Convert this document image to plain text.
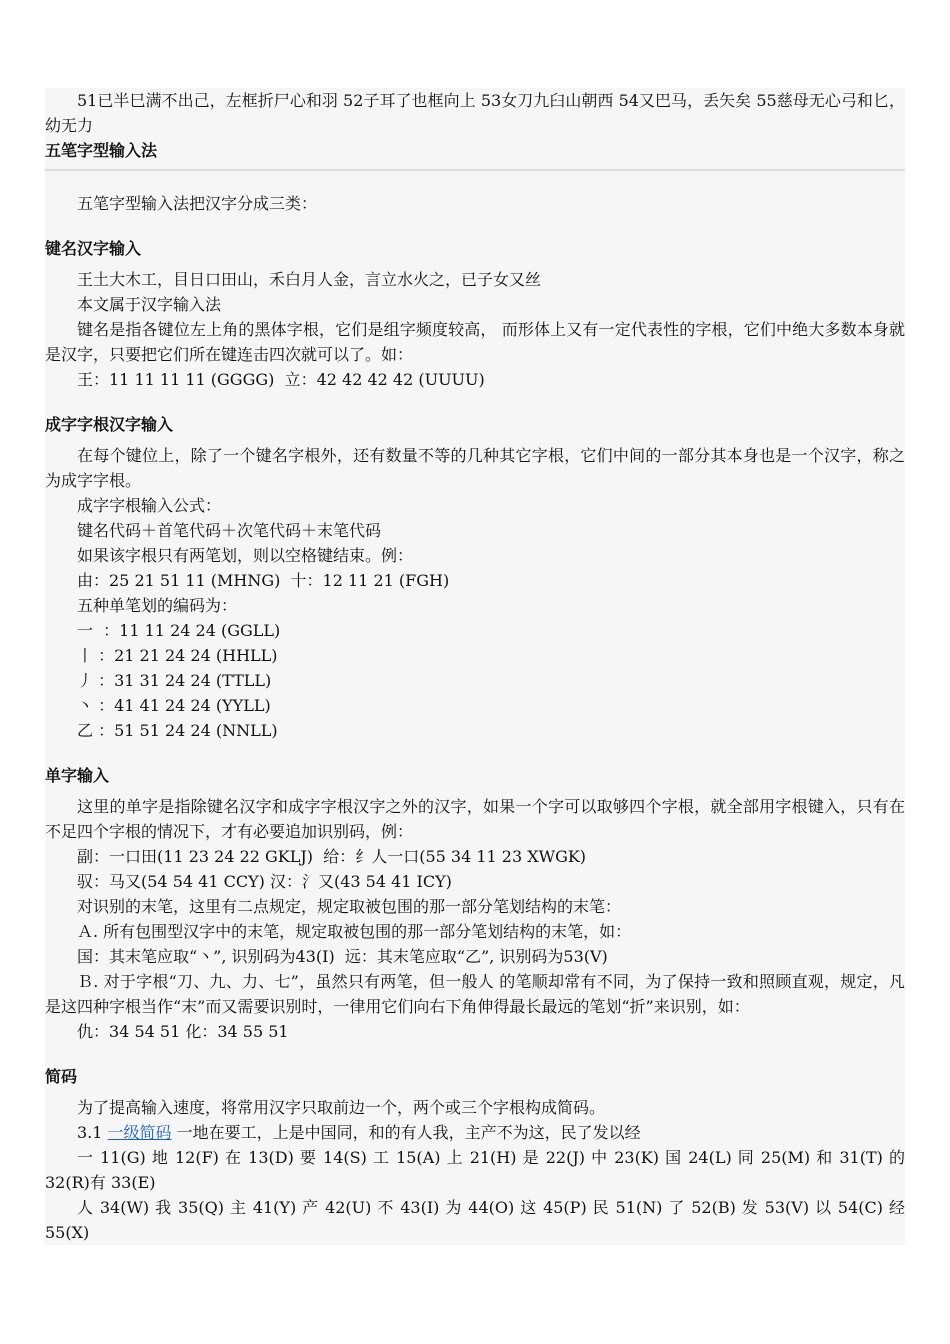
51已半巳满不出己，左框折尸心和羽 52子耳了也框向上 53女刀九臼山朝西 54又巴马，丢矢矣 55慈母无心弓和匕，幼无力

五笔字型输入法

五笔字型输入法把汉字分成三类：

键名汉字输入

王土大木工，目日口田山，禾白月人金，言立水火之，已子女又丝

本文属于汉字输入法

键名是指各键位左上角的黑体字根，它们是组字频度较高， 而形体上又有一定代表性的字根，它们中绝大多数本身就是汉字，只要把它们所在键连击四次就可以了。如：

王：11 11 11 11 (GGGG)  立：42 42 42 42 (UUUU)

成字字根汉字输入

在每个键位上，除了一个键名字根外，还有数量不等的几种其它字根，它们中间的一部分其本身也是一个汉字，称之为成字字根。

成字字根输入公式：

键名代码＋首笔代码＋次笔代码＋末笔代码

如果该字根只有两笔划，则以空格键结束。例：

由：25 21 51 11 (MHNG)  十：12 11 21 (FGH)

五种单笔划的编码为：

一  ：11 11 24 24 (GGLL)

丨 ：21 21 24 24 (HHLL)

丿 ：31 31 24 24 (TTLL)

丶 ：41 41 24 24 (YYLL)

乙 ：51 51 24 24 (NNLL)

单字输入

这里的单字是指除键名汉字和成字字根汉字之外的汉字，如果一个字可以取够四个字根，就全部用字根键入，只有在不足四个字根的情况下，才有必要追加识别码，例：

副：一口田(11 23 24 22 GKLJ)  给：纟人一口(55 34 11 23 XWGK)

驭：马又(54 54 41 CCY) 汉：氵又(43 54 41 ICY)

对识别的末笔，这里有二点规定，规定取被包围的那一部分笔划结构的末笔：

Ａ. 所有包围型汉字中的末笔，规定取被包围的那一部分笔划结构的末笔，如：

国：其末笔应取“丶”, 识别码为43(I)  远：其末笔应取“乙”, 识别码为53(V)

Ｂ. 对于字根“刀、九、力、七”，虽然只有两笔，但一般人 的笔顺却常有不同，为了保持一致和照顾直观，规定，凡是这四种字根当作“末”而又需要识别时，一律用它们向右下角伸得最长最远的笔划“折”来识别，如：

仇：34 54 51 化：34 55 51

简码

为了提高输入速度，将常用汉字只取前边一个，两个或三个字根构成简码。

3.1 一级简码 一地在要工，上是中国同，和的有人我，主产不为这，民了发以经

一 11(G) 地 12(F) 在 13(D) 要 14(S) 工 15(A) 上 21(H) 是 22(J) 中 23(K) 国 24(L) 同 25(M) 和 31(T) 的 32(R)有 33(E)

人 34(W) 我 35(Q) 主 41(Y) 产 42(U) 不 43(I) 为 44(O) 这 45(P) 民 51(N) 了 52(B) 发 53(V) 以 54(C) 经 55(X)
